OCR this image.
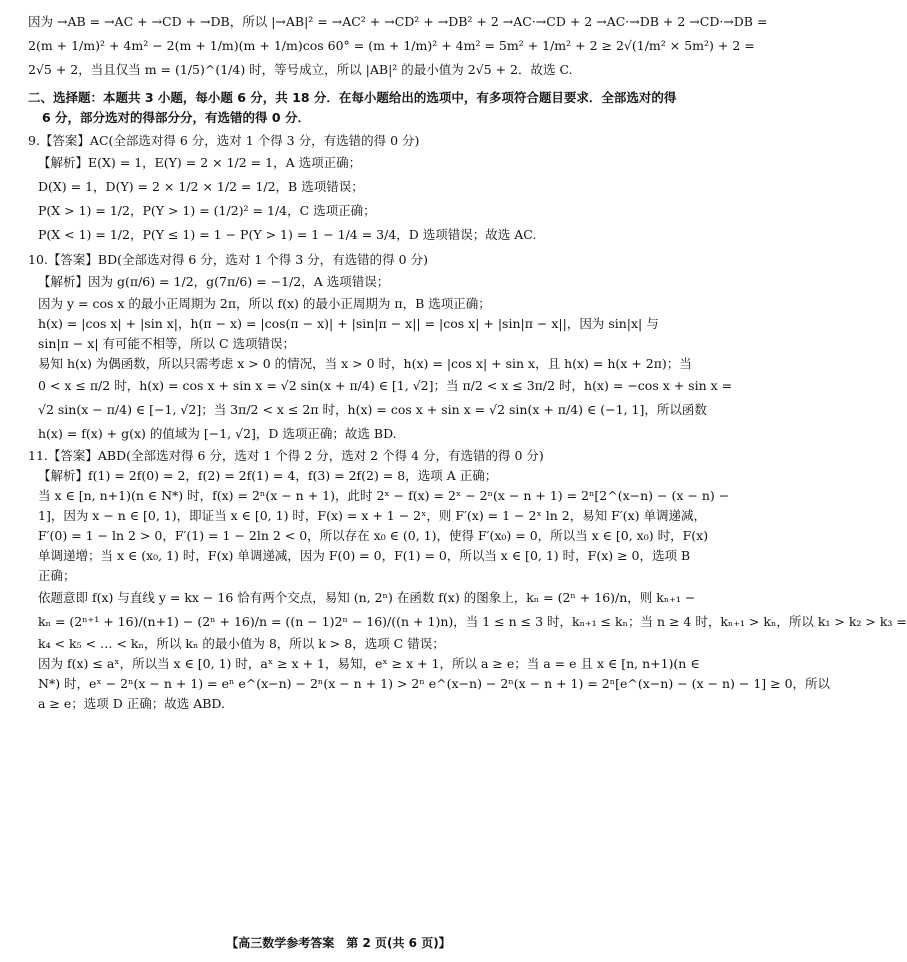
因为 →AB = →AC + →CD + →DB，所以 |→AB|² = →AC² + →CD² + →DB² + 2 →AC·→CD + 2 →AC·→DB + 2 →CD·→DB =
2(m + 1/m)² + 4m² − 2(m + 1/m)(m + 1/m)cos 60° = (m + 1/m)² + 4m² = 5m² + 1/m² + 2 ≥ 2√(1/m² × 5m²) + 2 =
2√5 + 2，当且仅当 m = (1/5)^(1/4) 时，等号成立，所以 |AB|² 的最小值为 2√5 + 2．故选 C.
二、选择题：本题共 3 小题，每小题 6 分，共 18 分．在每小题给出的选项中，有多项符合题目要求．全部选对的得
6 分，部分选对的得部分分，有选错的得 0 分．
9.【答案】AC(全部选对得 6 分，选对 1 个得 3 分，有选错的得 0 分)
【解析】E(X) = 1，E(Y) = 2 × 1/2 = 1，A 选项正确；
D(X) = 1，D(Y) = 2 × 1/2 × 1/2 = 1/2，B 选项错误；
P(X > 1) = 1/2，P(Y > 1) = (1/2)² = 1/4，C 选项正确；
P(X < 1) = 1/2，P(Y ≤ 1) = 1 − P(Y > 1) = 1 − 1/4 = 3/4，D 选项错误；故选 AC.
10.【答案】BD(全部选对得 6 分，选对 1 个得 3 分，有选错的得 0 分)
【解析】因为 g(π/6) = 1/2，g(7π/6) = −1/2，A 选项错误；
因为 y = cos x 的最小正周期为 2π，所以 f(x) 的最小正周期为 π，B 选项正确；
h(x) = |cos x| + |sin x|，h(π − x) = |cos(π − x)| + |sin|π − x|| = |cos x| + |sin|π − x||，因为 sin|x| 与
sin|π − x| 有可能不相等，所以 C 选项错误；
易知 h(x) 为偶函数，所以只需考虑 x > 0 的情况，当 x > 0 时，h(x) = |cos x| + sin x，且 h(x) = h(x + 2π)；当
0 < x ≤ π/2 时，h(x) = cos x + sin x = √2 sin(x + π/4) ∈ [1, √2]；当 π/2 < x ≤ 3π/2 时，h(x) = −cos x + sin x =
√2 sin(x − π/4) ∈ [−1, √2]；当 3π/2 < x ≤ 2π 时，h(x) = cos x + sin x = √2 sin(x + π/4) ∈ (−1, 1]，所以函数
h(x) = f(x) + g(x) 的值域为 [−1, √2]，D 选项正确；故选 BD.
11.【答案】ABD(全部选对得 6 分，选对 1 个得 2 分，选对 2 个得 4 分，有选错的得 0 分)
【解析】f(1) = 2f(0) = 2，f(2) = 2f(1) = 4，f(3) = 2f(2) = 8，选项 A 正确；
当 x ∈ [n, n+1)(n ∈ N*) 时，f(x) = 2ⁿ(x − n + 1)，此时 2ˣ − f(x) = 2ˣ − 2ⁿ(x − n + 1) = 2ⁿ[2^(x−n) − (x − n) −
1]，因为 x − n ∈ [0, 1)，即证当 x ∈ [0, 1) 时，F(x) = x + 1 − 2ˣ，则 F′(x) = 1 − 2ˣ ln 2，易知 F′(x) 单调递减，
F′(0) = 1 − ln 2 > 0，F′(1) = 1 − 2ln 2 < 0，所以存在 x₀ ∈ (0, 1)，使得 F′(x₀) = 0，所以当 x ∈ [0, x₀) 时，F(x)
单调递增；当 x ∈ (x₀, 1) 时，F(x) 单调递减，因为 F(0) = 0，F(1) = 0，所以当 x ∈ [0, 1) 时，F(x) ≥ 0，选项 B
正确；
依题意即 f(x) 与直线 y = kx − 16 恰有两个交点，易知 (n, 2ⁿ) 在函数 f(x) 的图象上，kₙ = (2ⁿ + 16)/n，则 kₙ₊₁ −
kₙ = (2ⁿ⁺¹ + 16)/(n+1) − (2ⁿ + 16)/n = ((n − 1)2ⁿ − 16)/((n + 1)n)，当 1 ≤ n ≤ 3 时，kₙ₊₁ ≤ kₙ；当 n ≥ 4 时，kₙ₊₁ > kₙ，所以 k₁ > k₂ > k₃ =
k₄ < k₅ < … < kₙ，所以 kₙ 的最小值为 8，所以 k > 8，选项 C 错误；
因为 f(x) ≤ aˣ，所以当 x ∈ [0, 1) 时，aˣ ≥ x + 1，易知，eˣ ≥ x + 1，所以 a ≥ e；当 a = e 且 x ∈ [n, n+1)(n ∈
N*) 时，eˣ − 2ⁿ(x − n + 1) = eⁿ e^(x−n) − 2ⁿ(x − n + 1) > 2ⁿ e^(x−n) − 2ⁿ(x − n + 1) = 2ⁿ[e^(x−n) − (x − n) − 1] ≥ 0，所以
a ≥ e；选项 D 正确；故选 ABD.
【高三数学参考答案　第 2 页(共 6 页)】
